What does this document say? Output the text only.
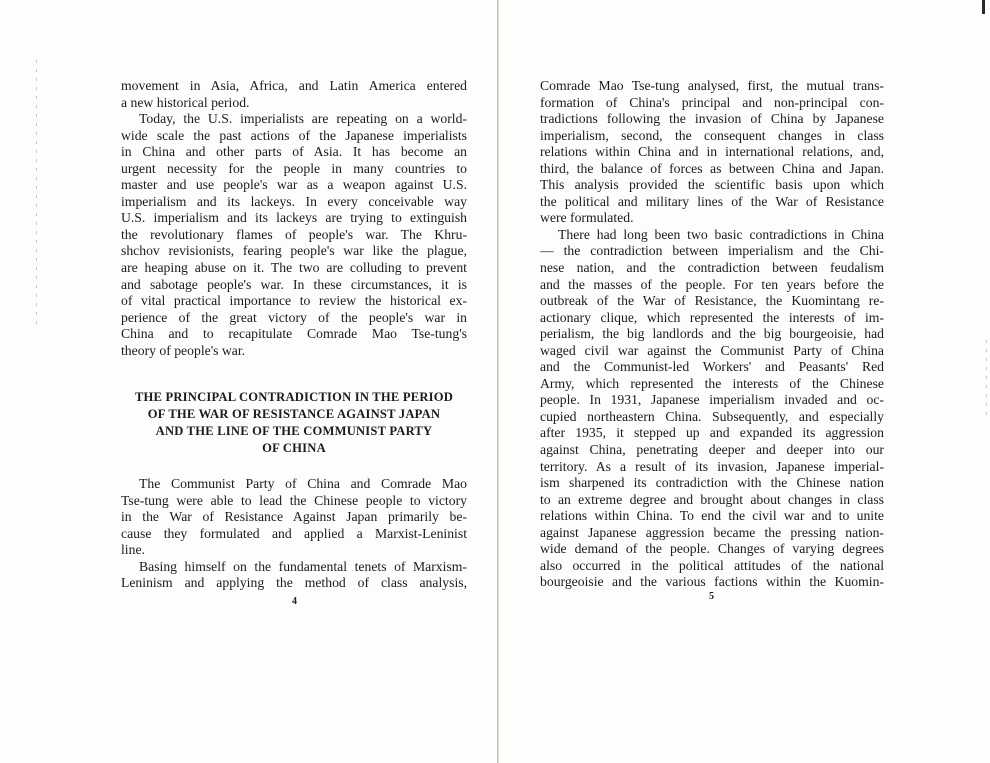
movement in Asia, Africa, and Latin America entered
a new historical period.
Today, the U.S. imperialists are repeating on a world-
wide scale the past actions of the Japanese imperialists
in China and other parts of Asia. It has become an
urgent necessity for the people in many countries to
master and use people's war as a weapon against U.S.
imperialism and its lackeys. In every conceivable way
U.S. imperialism and its lackeys are trying to extinguish
the revolutionary flames of people's war. The Khru-
shchov revisionists, fearing people's war like the plague,
are heaping abuse on it. The two are colluding to prevent
and sabotage people's war. In these circumstances, it is
of vital practical importance to review the historical ex-
perience of the great victory of the people's war in
China and to recapitulate Comrade Mao Tse-tung's
theory of people's war.
THE PRINCIPAL CONTRADICTION IN THE PERIOD
OF THE WAR OF RESISTANCE AGAINST JAPAN
AND THE LINE OF THE COMMUNIST PARTY
OF CHINA
The Communist Party of China and Comrade Mao
Tse-tung were able to lead the Chinese people to victory
in the War of Resistance Against Japan primarily be-
cause they formulated and applied a Marxist-Leninist
line.
Basing himself on the fundamental tenets of Marxism-
Leninism and applying the method of class analysis,
4
Comrade Mao Tse-tung analysed, first, the mutual trans-
formation of China's principal and non-principal con-
tradictions following the invasion of China by Japanese
imperialism, second, the consequent changes in class
relations within China and in international relations, and,
third, the balance of forces as between China and Japan.
This analysis provided the scientific basis upon which
the political and military lines of the War of Resistance
were formulated.
There had long been two basic contradictions in China
— the contradiction between imperialism and the Chi-
nese nation, and the contradiction between feudalism
and the masses of the people. For ten years before the
outbreak of the War of Resistance, the Kuomintang re-
actionary clique, which represented the interests of im-
perialism, the big landlords and the big bourgeoisie, had
waged civil war against the Communist Party of China
and the Communist-led Workers' and Peasants' Red
Army, which represented the interests of the Chinese
people. In 1931, Japanese imperialism invaded and oc-
cupied northeastern China. Subsequently, and especially
after 1935, it stepped up and expanded its aggression
against China, penetrating deeper and deeper into our
territory. As a result of its invasion, Japanese imperial-
ism sharpened its contradiction with the Chinese nation
to an extreme degree and brought about changes in class
relations within China. To end the civil war and to unite
against Japanese aggression became the pressing nation-
wide demand of the people. Changes of varying degrees
also occurred in the political attitudes of the national
bourgeoisie and the various factions within the Kuomin-
5
